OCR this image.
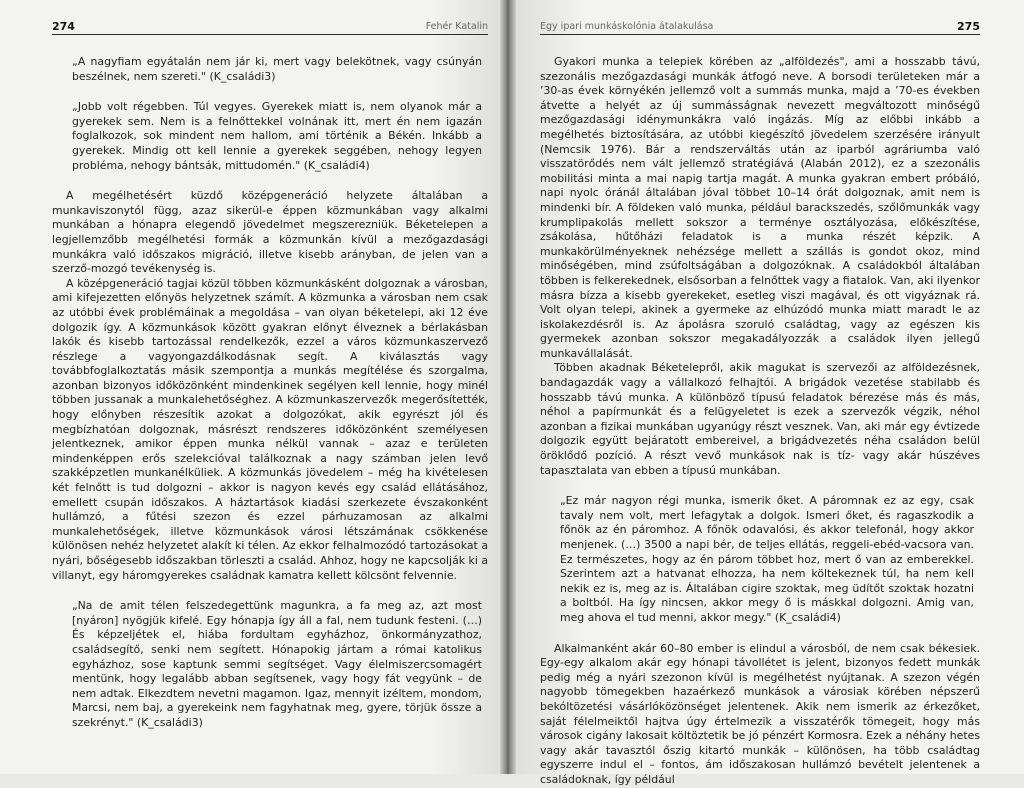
274	Fehér Katalin

„A nagyfiam egyátalán nem jár ki, mert vagy belekötnek, vagy csúnyán beszélnek, nem szereti." (K_családi3)

„Jobb volt régebben. Túl vegyes. Gyerekek miatt is, nem olyanok már a gyerekek sem. Nem is a felnőttekkel volnának itt, mert én nem igazán foglalkozok, sok mindent nem hallom, ami történik a Békén. Inkább a gyerekek. Mindig ott kell lennie a gyerekek seggében, nehogy legyen probléma, nehogy bántsák, mittudomén." (K_családi4)

A megélhetésért küzdő középgeneráció helyzete általában a munkaviszonytól függ, azaz sikerül-e éppen közmunkában vagy alkalmi munkában a hónapra elegendő jövedelmet megszerezniük. Béketelepen a legjellemzőbb megélhetési formák a közmunkán kívül a mezőgazdasági munkákra való időszakos migráció, illetve kisebb arányban, de jelen van a szerző-mozgó tevékenység is.

A középgeneráció tagjai közül többen közmunkásként dolgoznak a városban, ami kifejezetten előnyös helyzetnek számít. A közmunka a városban nem csak az utóbbi évek problémáinak a megoldása – van olyan béketelepi, aki 12 éve dolgozik így. A közmunkások között gyakran előnyt élveznek a bérlakásban lakók és kisebb tartozással rendelkezők, ezzel a város közmunkaszervező részlege a vagyongazdálkodásnak segít. A kiválasztás vagy továbbfoglalkoztatás másik szempontja a munkás megítélése és szorgalma, azonban bizonyos időközönként mindenkinek segélyen kell lennie, hogy minél többen jussanak a munkalehetőséghez. A közmunkaszervezők megerősítették, hogy előnyben részesítik azokat a dolgozókat, akik egyrészt jól és megbízhatóan dolgoznak, másrészt rendszeres időközönként személyesen jelentkeznek, amikor éppen munka nélkül vannak – azaz e területen mindenképpen erős szelekcióval találkoznak a nagy számban jelen levő szakképzetlen munkanélküliek. A közmunkás jövedelem – még ha kivételesen két felnőtt is tud dolgozni – akkor is nagyon kevés egy család ellátásához, emellett csupán időszakos. A háztartások kiadási szerkezete évszakonként hullámzó, a fűtési szezon és ezzel párhuzamosan az alkalmi munkalehetőségek, illetve közmunkások városi létszámának csökkenése különösen nehéz helyzetet alakít ki télen. Az ekkor felhalmozódó tartozásokat a nyári, bőségesebb időszakban törleszti a család. Ahhoz, hogy ne kapcsolják ki a villanyt, egy háromgyerekes családnak kamatra kellett kölcsönt felvennie.

„Na de amit télen felszedegettünk magunkra, a fa meg az, azt most [nyáron] nyögjük kifelé. Egy hónapja így áll a fal, nem tudunk festeni. (…) És képzeljétek el, hiába fordultam egyházhoz, önkormányzathoz, családsegítő, senki nem segített. Hónapokig jártam a római katolikus egyházhoz, sose kaptunk semmi segítséget. Vagy élelmiszercsomagért mentünk, hogy legalább abban segítsenek, vagy hogy fát vegyünk – de nem adtak. Elkezdtem nevetni magamon. Igaz, mennyit izéltem, mondom, Marcsi, nem baj, a gyerekeink nem fagyhatnak meg, gyere, törjük össze a szekrényt." (K_családi3)

Egy ipari munkáskolónia átalakulása	275

Gyakori munka a telepiek körében az „alföldezés", ami a hosszabb távú, szezonális mezőgazdasági munkák átfogó neve. A borsodi területeken már a ’30-as évek környékén jellemző volt a summás munka, majd a ’70-es években átvette a helyét az új summásságnak nevezett megváltozott minőségű mezőgazdasági idénymunkákra való ingázás. Míg az előbbi inkább a megélhetés biztosítására, az utóbbi kiegészítő jövedelem szerzésére irányult (Nemcsik 1976). Bár a rendszerváltás után az iparból agráriumba való visszatörődés nem vált jellemző stratégiává (Alabán 2012), ez a szezonális mobilitási minta a mai napig tartja magát. A munka gyakran embert próbáló, napi nyolc óránál általában jóval többet 10–14 órát dolgoznak, amit nem is mindenki bír. A földeken való munka, például barackszedés, szőlőmunkák vagy krumplipakolás mellett sokszor a terménye osztályozása, előkészítése, zsákolása, hűtőházi feladatok is a munka részét képzik. A munkakörülményeknek nehézsége mellett a szállás is gondot okoz, mind minőségében, mind zsúfoltságában a dolgozóknak. A családokból általában többen is felkerekednek, elsősorban a felnőttek vagy a fiatalok. Van, aki ilyenkor másra bízza a kisebb gyerekeket, esetleg viszi magával, és ott vigyáznak rá. Volt olyan telepi, akinek a gyermeke az elhúzódó munka miatt maradt le az iskolakezdésről is. Az ápolásra szoruló családtag, vagy az egészen kis gyermekek azonban sokszor megakadályozzák a családok ilyen jellegű munkavállalását.

Többen akadnak Béketelepről, akik magukat is szervezői az alföldezésnek, bandagazdák vagy a vállalkozó felhajtói. A brigádok vezetése stabilabb és hosszabb távú munka. A különböző típusú feladatok bérezése más és más, néhol a papírmunkát és a felügyeletet is ezek a szervezők végzik, néhol azonban a fizikai munkában ugyanúgy részt vesznek. Van, aki már egy évtizede dolgozik együtt bejáratott embereivel, a brigádvezetés néha családon belül öröklődő pozíció. A részt vevő munkások nak is tíz- vagy akár húszéves tapasztalata van ebben a típusú munkában.

„Ez már nagyon régi munka, ismerik őket. A páromnak ez az egy, csak tavaly nem volt, mert lefagytak a dolgok. Ismeri őket, és ragaszkodik a főnök az én páromhoz. A főnök odavalósi, és akkor telefonál, hogy akkor menjenek. (…) 3500 a napi bér, de teljes ellátás, reggeli-ebéd-vacsora van. Ez természetes, hogy az én párom többet hoz, mert ő van az emberekkel. Szerintem azt a hatvanat elhozza, ha nem költekeznek túl, ha nem kell nekik ez is, meg az is. Általában cigire szoktak, meg üdítőt szoktak hozatni a boltból. Ha így nincsen, akkor megy ő is máskkal dolgozni. Amig van, meg ahova el tud menni, akkor megy." (K_családi4)

Alkalmanként akár 60–80 ember is elindul a városból, de nem csak békesiek. Egy-egy alkalom akár egy hónapi távollétet is jelent, bizonyos fedett munkák pedig még a nyári szezonon kívül is megélhetést nyújtanak. A szezon végén nagyobb tömegekben hazaérkező munkások a városiak körében népszerű bekóltözetési vásárlóközönséget jelentenek. Akik nem ismerik az érkezőket, saját félelmeiktől hajtva úgy értelmezik a visszatérők tömegeit, hogy más városok cigány lakosait költöztetik be jó pénzért Kormosra. Ezek a néhány hetes vagy akár tavasztól őszig kitartó munkák – különösen, ha több családtag egyszerre indul el – fontos, ám időszakosan hullámzó bevételt jelentenek a családoknak, így például
